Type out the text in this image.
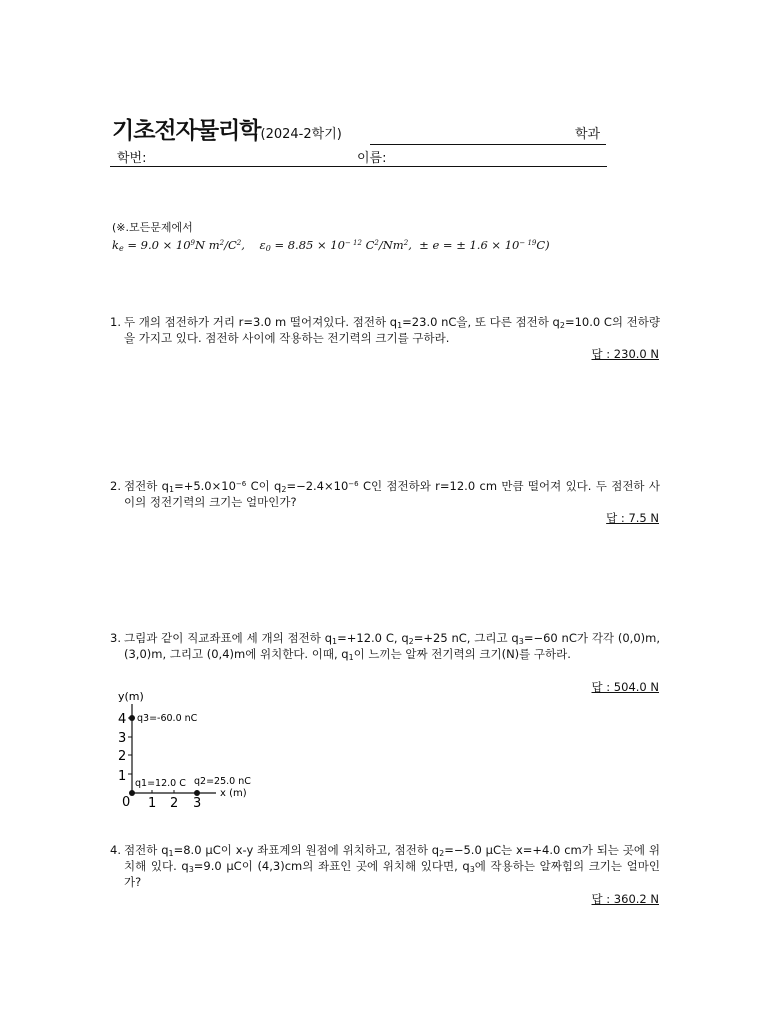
기초전자물리학(2024-2학기)	학과
학번:	이름:
(※.모든문제에서
$k_e = 9.0 \times 10^9N$ $m^2/C^2$,    $\varepsilon_0 = 8.85 \times 10^{- 12}$ $C^2/Nm^2$,  ± e = ± $1.6 \times 10^{- 19}C$)
1. 두 개의 점전하가 거리 r=3.0 m 떨어져있다. 점전하 $q_1=23.0$ nC을, 또 다른 점전하 $q_2=10.0$ C의 전하량을 가지고 있다. 점전하 사이에 작용하는 전기력의 크기를 구하라.
답 : 230.0 N
2. 점전하 $q_1=+5.0\times 10^{-6}$ C이 $q_2=-2.4\times 10^{-6}$ C인 점전하와 r=12.0 cm 만큼 떨어져 있다. 두 점전하 사이의 정전기력의 크기는 얼마인가?
답 : 7.5 N
3. 그림과 같이 직교좌표에 세 개의 점전하 $q_1=+12.0$ C, $q_2=+25$ nC, 그리고 $q_3=-60$ nC가 각각 (0,0)m, (3,0)m, 그리고 (0,4)m에 위치한다. 이때, $q_1$이 느끼는 알짜 전기력의 크기(N)를 구하라.
답 : 504.0 N
y(m)
4
3
2
1
0 1 2 3
x (m)
q3=-60.0 nC
q1=12.0 C q2=25.0 nC
4. 점전하 $q_1=8.0$ μC이 x-y 좌표계의 원점에 위치하고, 점전하 $q_2=-5.0$ μC는 x=+4.0 cm가 되는 곳에 위치해 있다. $q_3=9.0$ μC이 (4,3)cm의 좌표인 곳에 위치해 있다면, $q_3$에 작용하는 알짜힘의 크기는 얼마인가?
답 : 360.2 N
